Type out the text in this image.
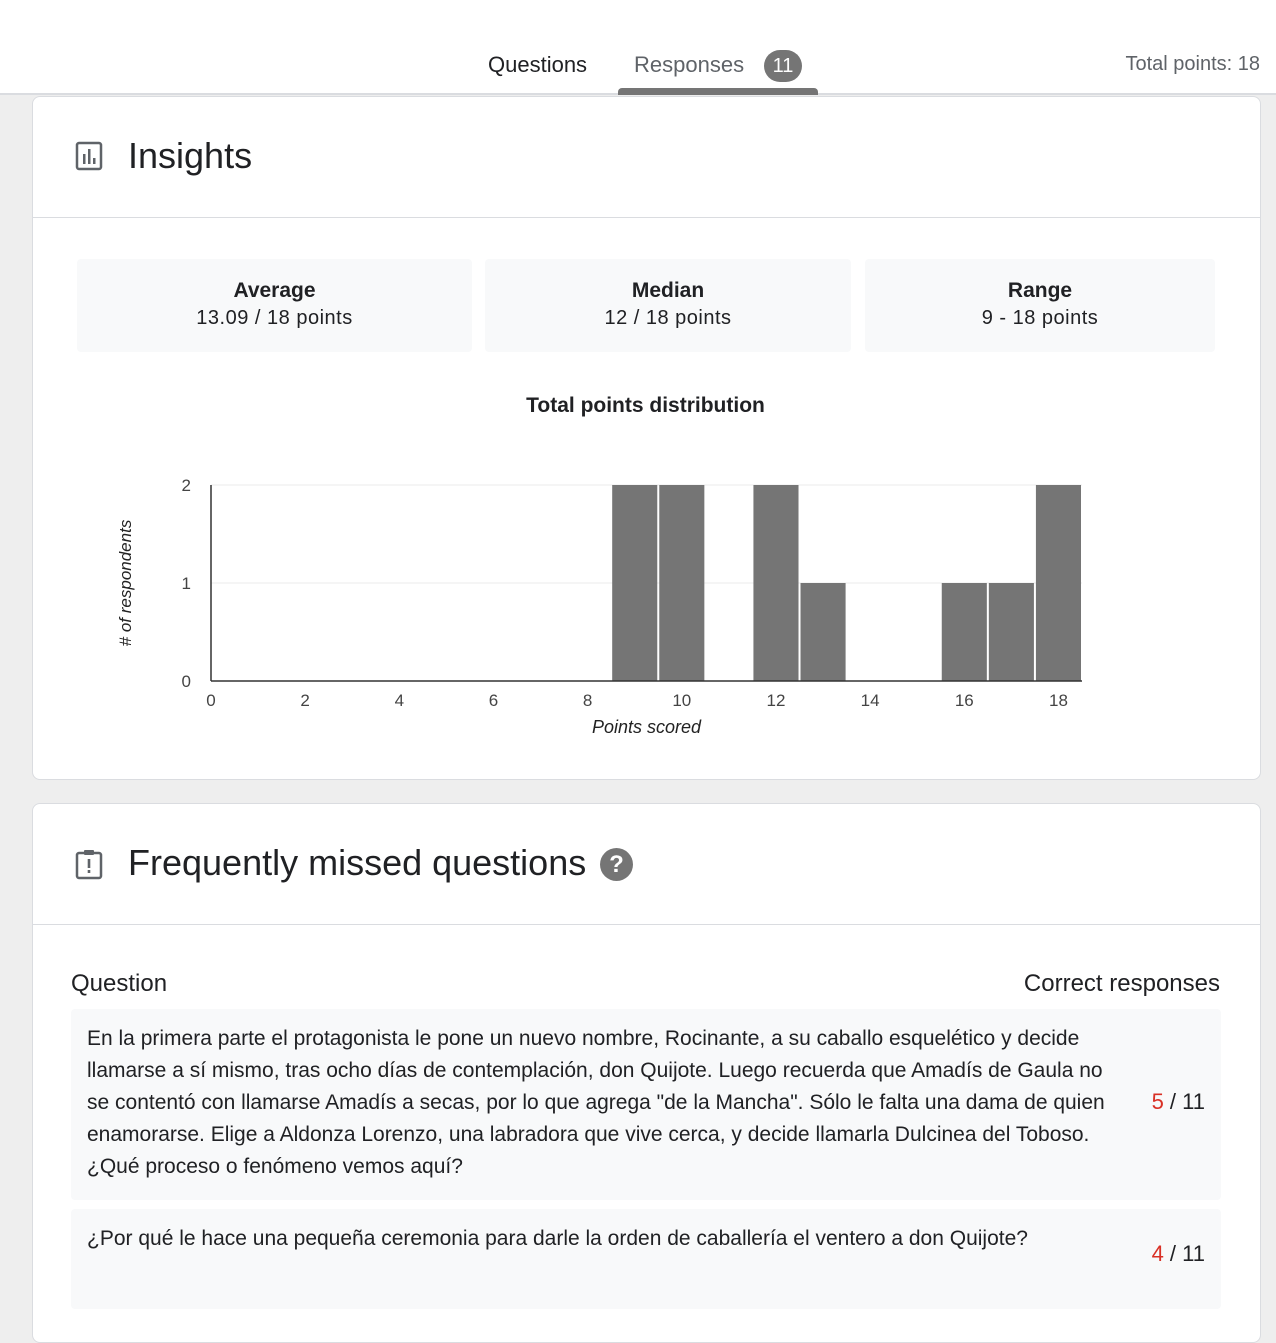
Questions Responses	11	Total points: 18
Insights
Average
13.09 / 18 points
Median
12 / 18 points
Range
9 - 18 points
Total points distribution
0
1
2
0	2	4	6	8	10	12	14	16	18
Points scored
# of respondents
Frequently missed questions ?
Question	Correct responses
En la primera parte el protagonista le pone un nuevo nombre, Rocinante, a su caballo esquelético y decide llamarse a sí mismo, tras ocho días de contemplación, don Quijote. Luego recuerda que Amadís de Gaula no se contentó con llamarse Amadís a secas, por lo que agrega "de la Mancha". Sólo le falta una dama de quien enamorarse. Elige a Aldonza Lorenzo, una labradora que vive cerca, y decide llamarla Dulcinea del Toboso. ¿Qué proceso o fenómeno vemos aquí?
5 / 11
¿Por qué le hace una pequeña ceremonia para darle la orden de caballería el ventero a don Quijote?
4 / 11
